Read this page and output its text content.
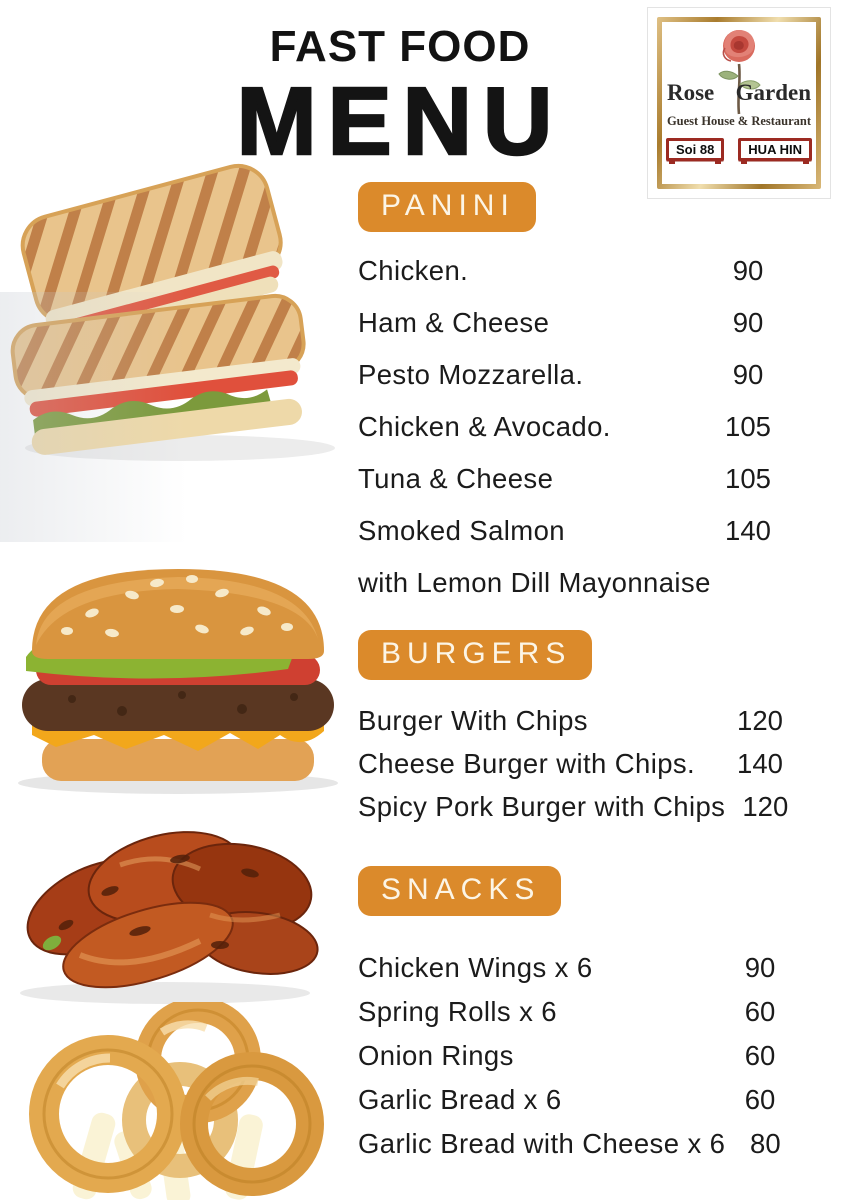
FAST FOOD
MENU	Rose Garden
Guest House & Restaurant
Soi 88	HUA HIN
PANINI
Chicken.	90
Ham & Cheese	90
Pesto Mozzarella.	90
Chicken & Avocado.	105
Tuna & Cheese	105
Smoked Salmon	140
with Lemon Dill Mayonnaise
BURGERS
Burger With Chips	120
Cheese Burger with Chips.	140
Spicy Pork Burger with Chips 120
SNACKS
Chicken Wings x 6	90
Spring Rolls x 6	60
Onion Rings	60
Garlic Bread x 6	60
Garlic Bread with Cheese x 6 80
